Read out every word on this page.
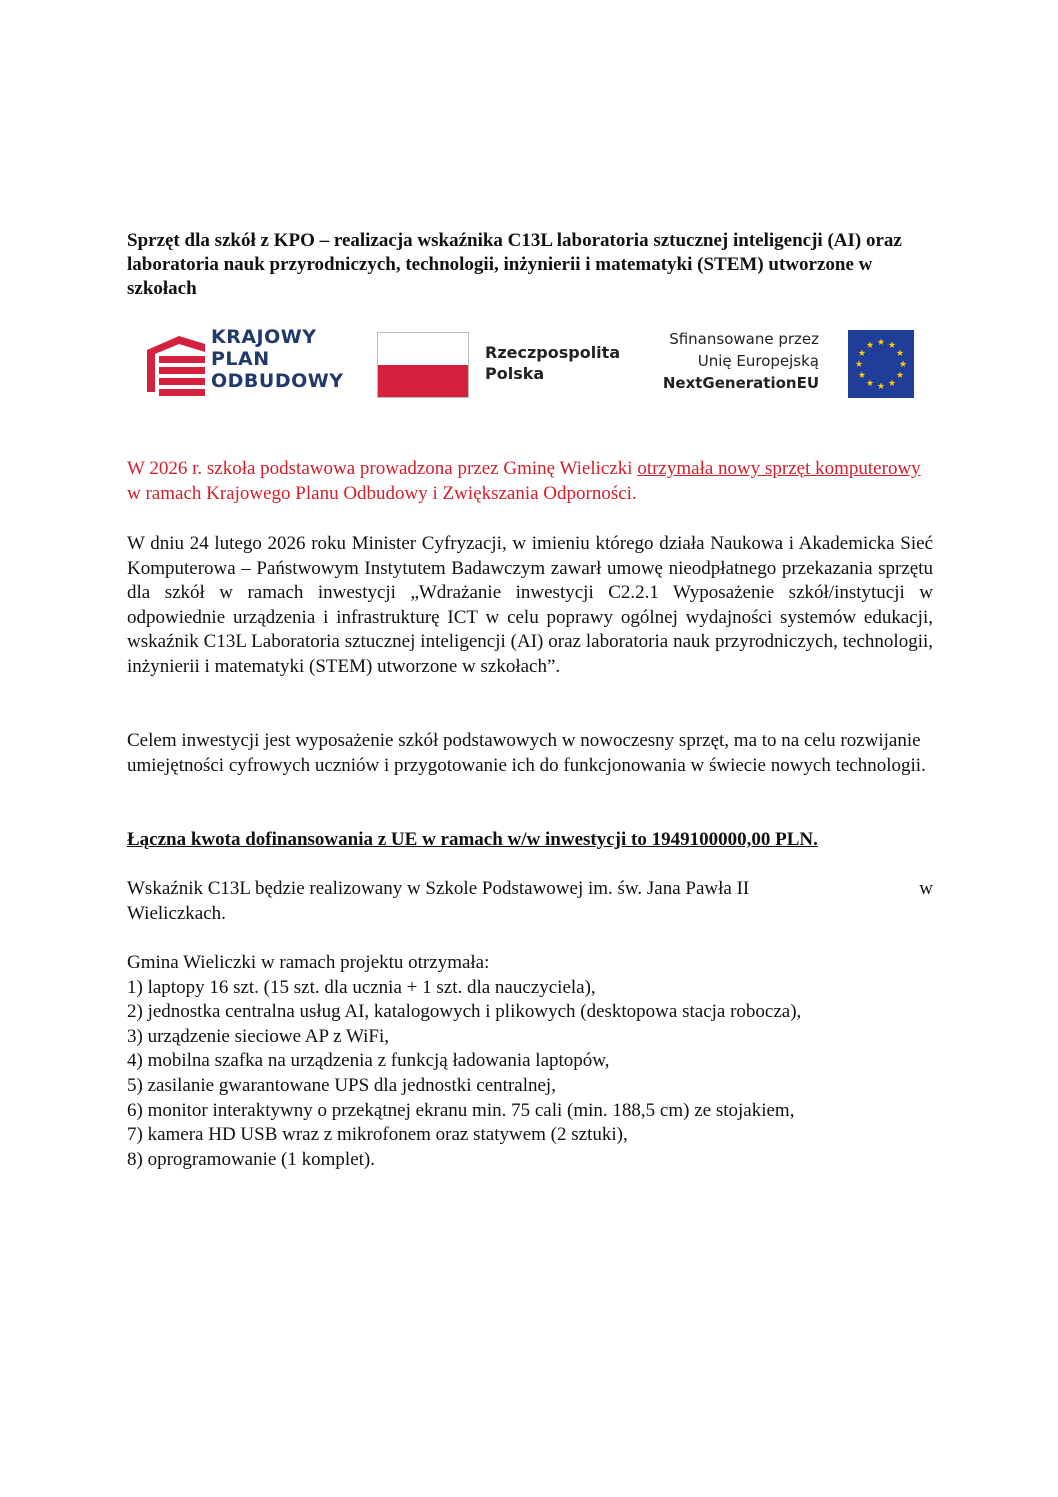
Sprzęt dla szkół z KPO – realizacja wskaźnika C13L laboratoria sztucznej inteligencji (AI) oraz laboratoria nauk przyrodniczych, technologii, inżynierii i matematyki (STEM) utworzone w szkołach
KRAJOWY
PLAN
ODBUDOWY
Rzeczpospolita
Polska
Sfinansowane przez
Unię Europejską
NextGenerationEU
W 2026 r. szkoła podstawowa prowadzona przez Gminę Wieliczki otrzymała nowy sprzęt komputerowy w ramach Krajowego Planu Odbudowy i Zwiększania Odporności.
W dniu 24 lutego 2026 roku Minister Cyfryzacji, w imieniu którego działa Naukowa i Akademicka Sieć Komputerowa – Państwowym Instytutem Badawczym zawarł umowę nieodpłatnego przekazania sprzętu dla szkół w ramach inwestycji „Wdrażanie inwestycji C2.2.1 Wyposażenie szkół/instytucji w odpowiednie urządzenia i infrastrukturę ICT w celu poprawy ogólnej wydajności systemów edukacji, wskaźnik C13L Laboratoria sztucznej inteligencji (AI) oraz laboratoria nauk przyrodniczych, technologii, inżynierii i matematyki (STEM) utworzone w szkołach”.
Celem inwestycji jest wyposażenie szkół podstawowych w nowoczesny sprzęt, ma to na celu rozwijanie umiejętności cyfrowych uczniów i przygotowanie ich do funkcjonowania w świecie nowych technologii.
Łączna kwota dofinansowania z UE w ramach w/w inwestycji to 1949100000,00 PLN.
Wskaźnik C13L będzie realizowany w Szkole Podstawowej im. św. Jana Pawła II	w
Wieliczkach.
Gmina Wieliczki w ramach projektu otrzymała:
1) laptopy 16 szt. (15 szt. dla ucznia + 1 szt. dla nauczyciela),
2) jednostka centralna usług AI, katalogowych i plikowych (desktopowa stacja robocza),
3) urządzenie sieciowe AP z WiFi,
4) mobilna szafka na urządzenia z funkcją ładowania laptopów,
5) zasilanie gwarantowane UPS dla jednostki centralnej,
6) monitor interaktywny o przekątnej ekranu min. 75 cali (min. 188,5 cm) ze stojakiem,
7) kamera HD USB wraz z mikrofonem oraz statywem (2 sztuki),
8) oprogramowanie (1 komplet).
